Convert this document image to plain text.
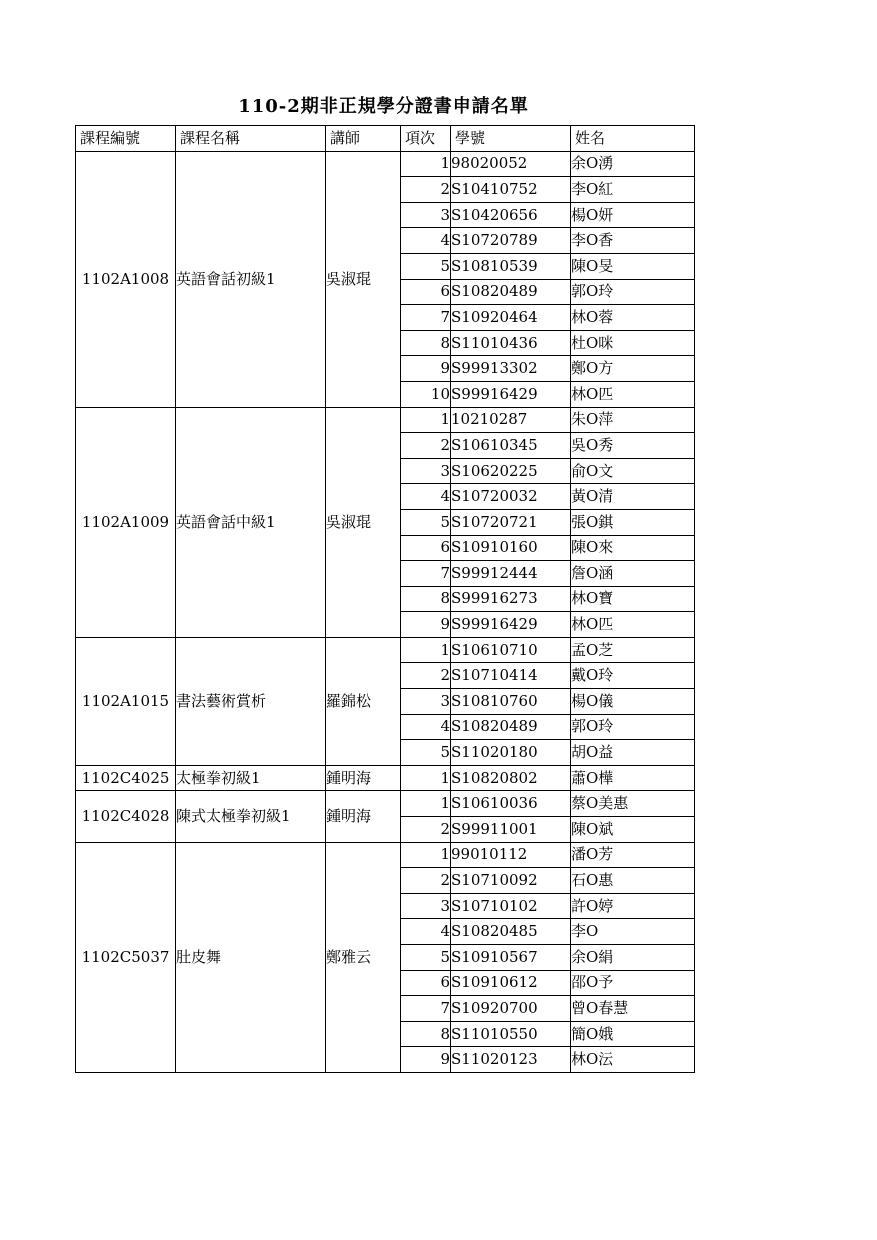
110-2期非正規學分證書申請名單
課程編號	課程名稱	講師	項次	學號	姓名
1102A1008	英語會話初級1	吳淑琨	1	98020052	余O湧
			2	S10410752	李O紅
			3	S10420656	楊O妍
			4	S10720789	李O香
			5	S10810539	陳O旻
			6	S10820489	郭O玲
			7	S10920464	林O蓉
			8	S11010436	杜O咪
			9	S99913302	鄭O方
			10	S99916429	林O匹
1102A1009	英語會話中級1	吳淑琨	1	10210287	朱O萍
			2	S10610345	吳O秀
			3	S10620225	俞O文
			4	S10720032	黃O清
			5	S10720721	張O錤
			6	S10910160	陳O來
			7	S99912444	詹O涵
			8	S99916273	林O寶
			9	S99916429	林O匹
1102A1015	書法藝術賞析	羅錦松	1	S10610710	孟O芝
			2	S10710414	戴O玲
			3	S10810760	楊O儀
			4	S10820489	郭O玲
			5	S11020180	胡O益
1102C4025	太極拳初級1	鍾明海	1	S10820802	蕭O樺
1102C4028	陳式太極拳初級1	鍾明海	1	S10610036	蔡O美惠
			2	S99911001	陳O斌
1102C5037	肚皮舞	鄭雅云	1	99010112	潘O芳
			2	S10710092	石O惠
			3	S10710102	許O婷
			4	S10820485	李O
			5	S10910567	余O絹
			6	S10910612	邵O予
			7	S10920700	曾O春慧
			8	S11010550	簡O娥
			9	S11020123	林O沄
